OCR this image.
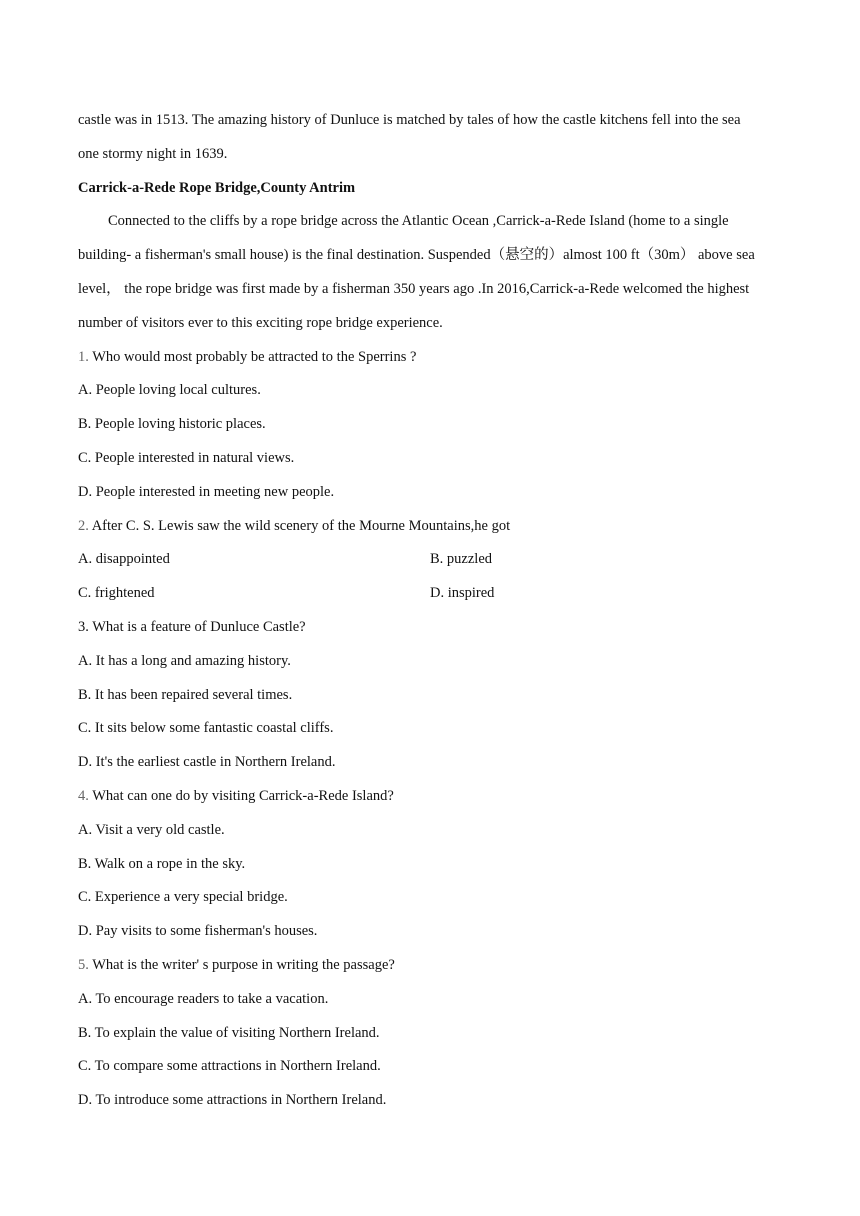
castle was in 1513. The amazing history of Dunluce is matched by tales of how the castle kitchens fell into the sea
one stormy night in 1639.
Carrick-a-Rede Rope Bridge,County Antrim
Connected to the cliffs by a rope bridge across the Atlantic Ocean ,Carrick-a-Rede Island (home to a single
building- a fisherman's small house) is the final destination. Suspended（悬空的）almost 100 ft（30m） above sea
level， the rope bridge was first made by a fisherman 350 years ago .In 2016,Carrick-a-Rede welcomed the highest
number of visitors ever to this exciting rope bridge experience.
1. Who would most probably be attracted to the Sperrins ?
A. People loving local cultures.
B. People loving historic places.
C. People interested in natural views.
D. People interested in meeting new people.
2. After C. S. Lewis saw the wild scenery of the Mourne Mountains,he got
A. disappointed	B. puzzled
C. frightened	D. inspired
3. What is a feature of Dunluce Castle?
A. It has a long and amazing history.
B. It has been repaired several times.
C. It sits below some fantastic coastal cliffs.
D. It's the earliest castle in Northern Ireland.
4. What can one do by visiting Carrick-a-Rede Island?
A. Visit a very old castle.
B. Walk on a rope in the sky.
C. Experience a very special bridge.
D. Pay visits to some fisherman's houses.
5. What is the writer' s purpose in writing the passage?
A. To encourage readers to take a vacation.
B. To explain the value of visiting Northern Ireland.
C. To compare some attractions in Northern Ireland.
D. To introduce some attractions in Northern Ireland.
